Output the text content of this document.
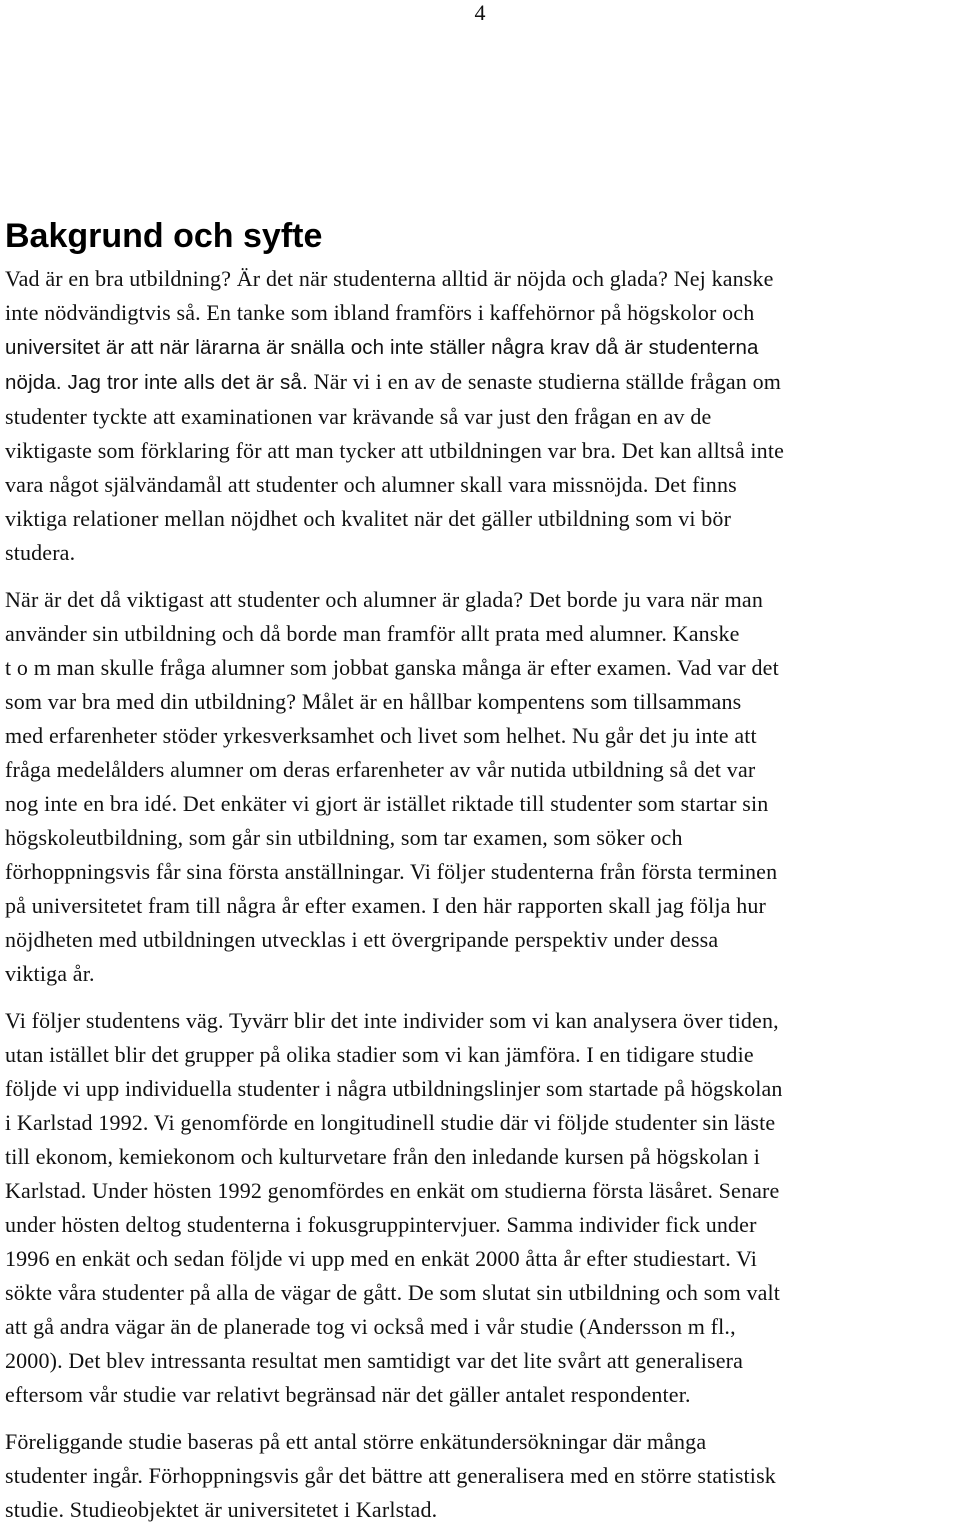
4
Bakgrund och syfte
Vad är en bra utbildning? Är det när studenterna alltid är nöjda och glada? Nej kanske
inte nödvändigtvis så. En tanke som ibland framförs i kaffehörnor på högskolor och
universitet är att när lärarna är snälla och inte ställer några krav då är studenterna
nöjda. Jag tror inte alls det är så. När vi i en av de senaste studierna ställde frågan om
studenter tyckte att examinationen var krävande så var just den frågan en av de
viktigaste som förklaring för att man tycker att utbildningen var bra. Det kan alltså inte
vara något självändamål att studenter och alumner skall vara missnöjda. Det finns
viktiga relationer mellan nöjdhet och kvalitet när det gäller utbildning som vi bör
studera.
När är det då viktigast att studenter och alumner är glada? Det borde ju vara när man
använder sin utbildning och då borde man framför allt prata med alumner. Kanske
t o m man skulle fråga alumner som jobbat ganska många är efter examen. Vad var det
som var bra med din utbildning? Målet är en hållbar kompentens som tillsammans
med erfarenheter stöder yrkesverksamhet och livet som helhet. Nu går det ju inte att
fråga medelålders alumner om deras erfarenheter av vår nutida utbildning så det var
nog inte en bra idé. Det enkäter vi gjort är istället riktade till studenter som startar sin
högskoleutbildning, som går sin utbildning, som tar examen, som söker och
förhoppningsvis får sina första anställningar. Vi följer studenterna från första terminen
på universitetet fram till några år efter examen. I den här rapporten skall jag följa hur
nöjdheten med utbildningen utvecklas i ett övergripande perspektiv under dessa
viktiga år.
Vi följer studentens väg. Tyvärr blir det inte individer som vi kan analysera över tiden,
utan istället blir det grupper på olika stadier som vi kan jämföra. I en tidigare studie
följde vi upp individuella studenter i några utbildningslinjer som startade på högskolan
i Karlstad 1992. Vi genomförde en longitudinell studie där vi följde studenter sin läste
till ekonom, kemiekonom och kulturvetare från den inledande kursen på högskolan i
Karlstad. Under hösten 1992 genomfördes en enkät om studierna första läsåret. Senare
under hösten deltog studenterna i fokusgruppintervjuer. Samma individer fick under
1996 en enkät och sedan följde vi upp med en enkät 2000 åtta år efter studiestart. Vi
sökte våra studenter på alla de vägar de gått. De som slutat sin utbildning och som valt
att gå andra vägar än de planerade tog vi också med i vår studie (Andersson m fl.,
2000). Det blev intressanta resultat men samtidigt var det lite svårt att generalisera
eftersom vår studie var relativt begränsad när det gäller antalet respondenter.
Föreliggande studie baseras på ett antal större enkätundersökningar där många
studenter ingår. Förhoppningsvis går det bättre att generalisera med en större statistisk
studie. Studieobjektet är universitetet i Karlstad.
